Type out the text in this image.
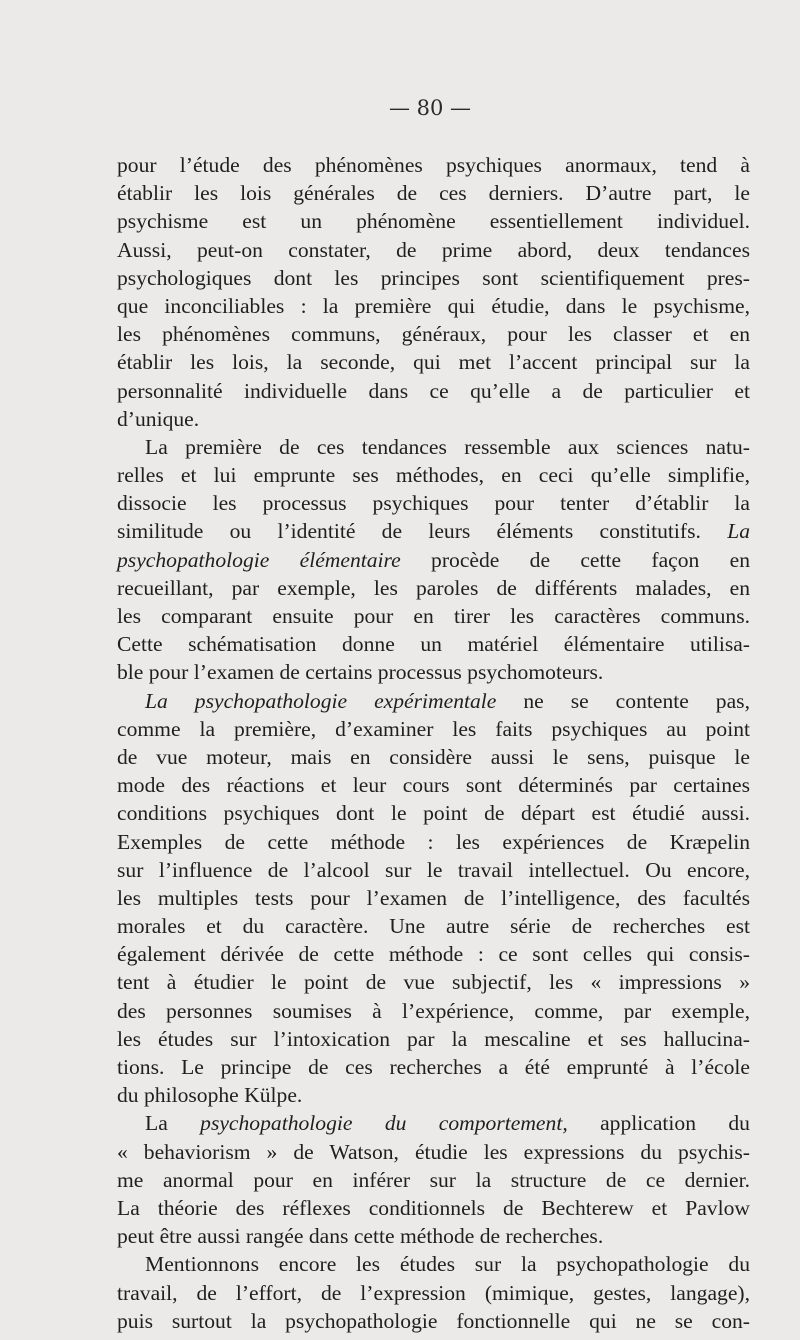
— 80 —
pour l’étude des phénomènes psychiques anormaux, tend à
établir les lois générales de ces derniers. D’autre part, le
psychisme est un phénomène essentiellement individuel.
Aussi, peut-on constater, de prime abord, deux tendances
psychologiques dont les principes sont scientifiquement pres-
que inconciliables : la première qui étudie, dans le psychisme,
les phénomènes communs, généraux, pour les classer et en
établir les lois, la seconde, qui met l’accent principal sur la
personnalité individuelle dans ce qu’elle a de particulier et
d’unique.
La première de ces tendances ressemble aux sciences natu-
relles et lui emprunte ses méthodes, en ceci qu’elle simplifie,
dissocie les processus psychiques pour tenter d’établir la
similitude ou l’identité de leurs éléments constitutifs. La
psychopathologie élémentaire procède de cette façon en
recueillant, par exemple, les paroles de différents malades, en
les comparant ensuite pour en tirer les caractères communs.
Cette schématisation donne un matériel élémentaire utilisa-
ble pour l’examen de certains processus psychomoteurs.
La psychopathologie expérimentale ne se contente pas,
comme la première, d’examiner les faits psychiques au point
de vue moteur, mais en considère aussi le sens, puisque le
mode des réactions et leur cours sont déterminés par certaines
conditions psychiques dont le point de départ est étudié aussi.
Exemples de cette méthode : les expériences de Kræpelin
sur l’influence de l’alcool sur le travail intellectuel. Ou encore,
les multiples tests pour l’examen de l’intelligence, des facultés
morales et du caractère. Une autre série de recherches est
également dérivée de cette méthode : ce sont celles qui consis-
tent à étudier le point de vue subjectif, les « impressions »
des personnes soumises à l’expérience, comme, par exemple,
les études sur l’intoxication par la mescaline et ses hallucina-
tions. Le principe de ces recherches a été emprunté à l’école
du philosophe Külpe.
La psychopathologie du comportement, application du
« behaviorism » de Watson, étudie les expressions du psychis-
me anormal pour en inférer sur la structure de ce dernier.
La théorie des réflexes conditionnels de Bechterew et Pavlow
peut être aussi rangée dans cette méthode de recherches.
Mentionnons encore les études sur la psychopathologie du
travail, de l’effort, de l’expression (mimique, gestes, langage),
puis surtout la psychopathologie fonctionnelle qui ne se con-
